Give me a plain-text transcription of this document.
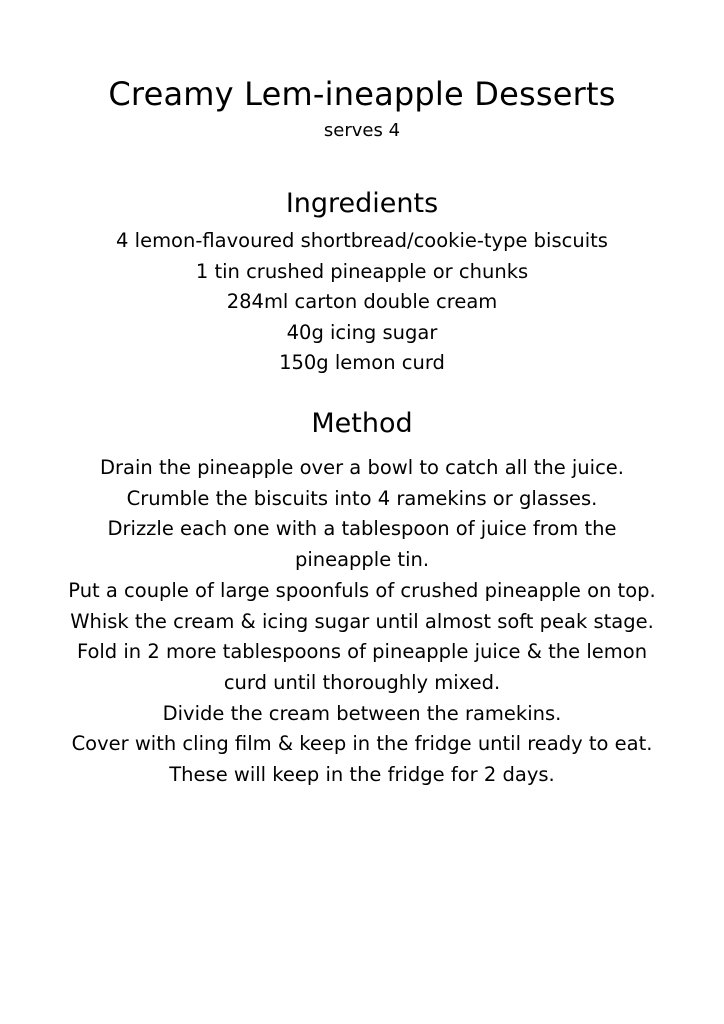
Creamy Lem-ineapple Desserts
serves 4
Ingredients
4 lemon-flavoured shortbread/cookie-type biscuits
1 tin crushed pineapple or chunks
284ml carton double cream
40g icing sugar
150g lemon curd
Method
Drain the pineapple over a bowl to catch all the juice.
Crumble the biscuits into 4 ramekins or glasses.
Drizzle each one with a tablespoon of juice from the pineapple tin.
Put a couple of large spoonfuls of crushed pineapple on top.
Whisk the cream & icing sugar until almost soft peak stage.
Fold in 2 more tablespoons of pineapple juice & the lemon curd until thoroughly mixed.
Divide the cream between the ramekins.
Cover with cling film & keep in the fridge until ready to eat.
These will keep in the fridge for 2 days.
